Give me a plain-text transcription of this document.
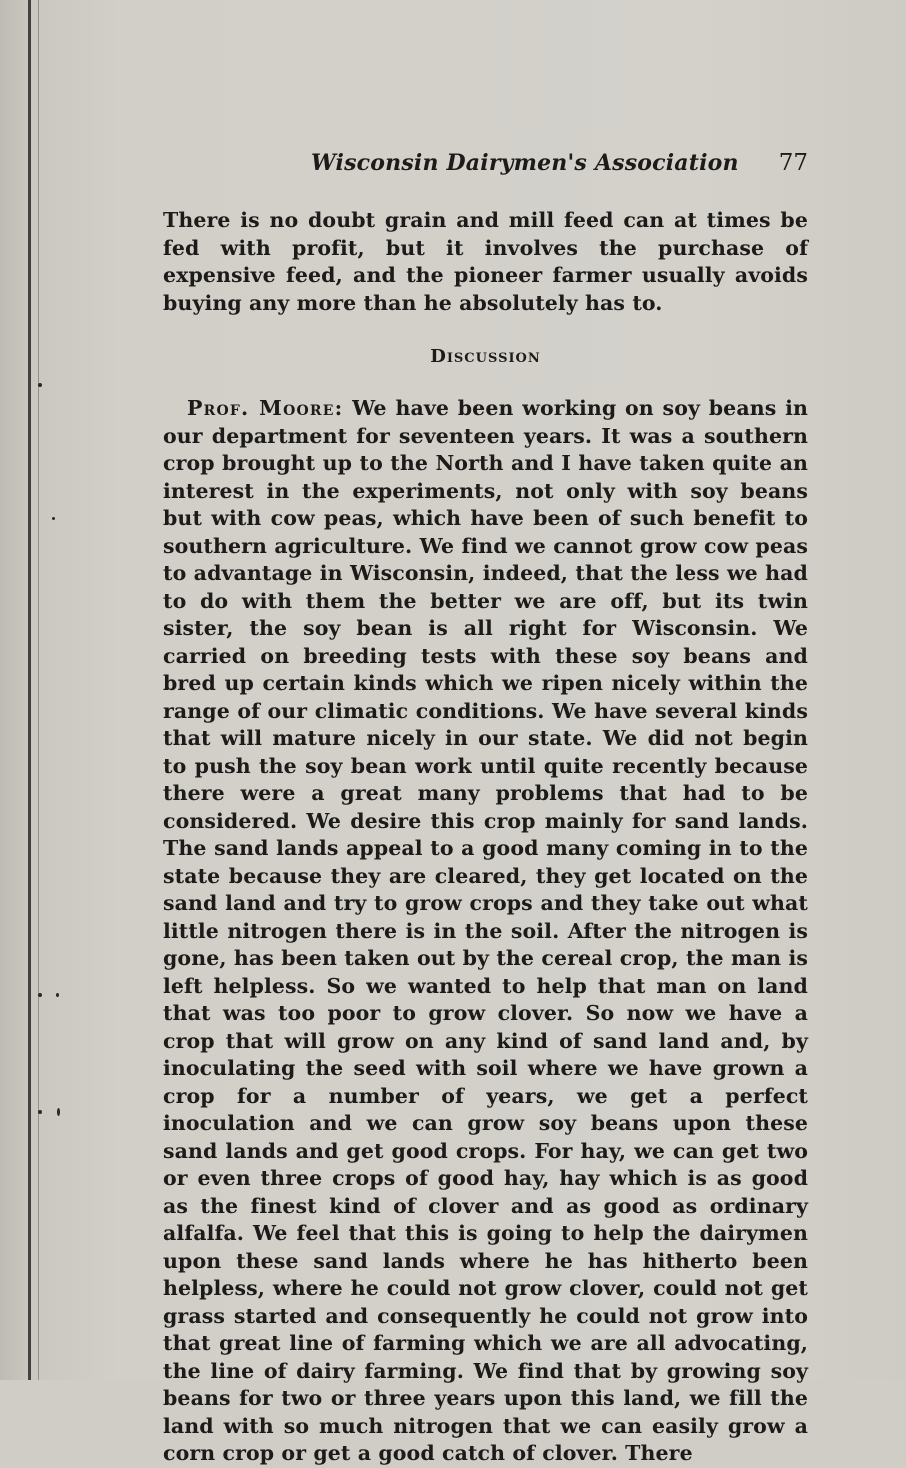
Wisconsin Dairymen's Association 77

There is no doubt grain and mill feed can at times be fed with profit, but it involves the purchase of expensive feed, and the pioneer farmer usually avoids buying any more than he absolutely has to.

Discussion

Prof. Moore: We have been working on soy beans in our department for seventeen years. It was a southern crop brought up to the North and I have taken quite an interest in the experiments, not only with soy beans but with cow peas, which have been of such benefit to southern agriculture. We find we cannot grow cow peas to advantage in Wisconsin, indeed, that the less we had to do with them the better we are off, but its twin sister, the soy bean is all right for Wisconsin. We carried on breeding tests with these soy beans and bred up certain kinds which we ripen nicely within the range of our climatic conditions. We have several kinds that will mature nicely in our state. We did not begin to push the soy bean work until quite recently because there were a great many problems that had to be considered. We desire this crop mainly for sand lands. The sand lands appeal to a good many coming in to the state because they are cleared, they get located on the sand land and try to grow crops and they take out what little nitrogen there is in the soil. After the nitrogen is gone, has been taken out by the cereal crop, the man is left helpless. So we wanted to help that man on land that was too poor to grow clover. So now we have a crop that will grow on any kind of sand land and, by inoculating the seed with soil where we have grown a crop for a number of years, we get a perfect inoculation and we can grow soy beans upon these sand lands and get good crops. For hay, we can get two or even three crops of good hay, hay which is as good as the finest kind of clover and as good as ordinary alfalfa. We feel that this is going to help the dairymen upon these sand lands where he has hitherto been helpless, where he could not grow clover, could not get grass started and consequently he could not grow into that great line of farming which we are all advocating, the line of dairy farming. We find that by growing soy beans for two or three years upon this land, we fill the land with so much nitrogen that we can easily grow a corn crop or get a good catch of clover. There
